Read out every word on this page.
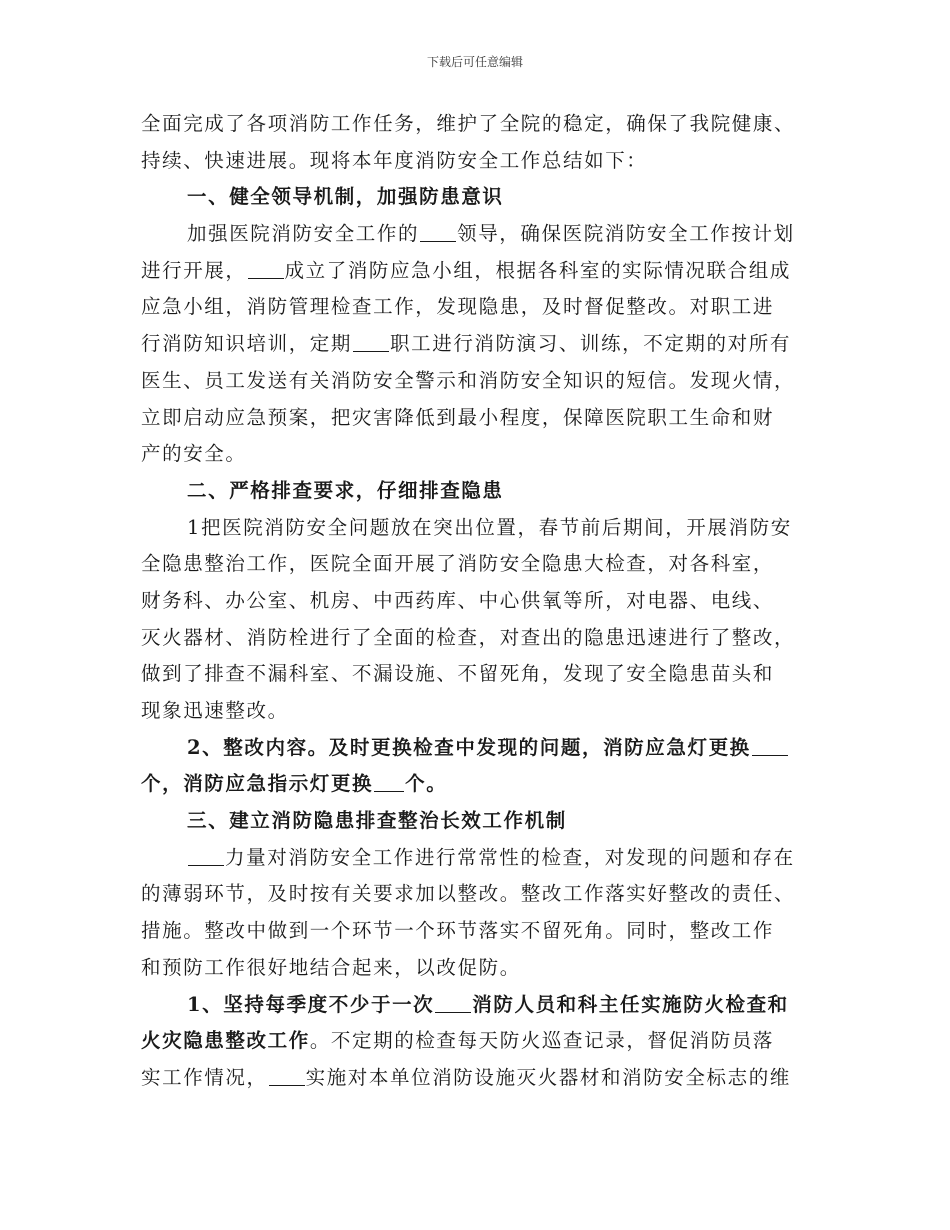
下载后可任意编辑
全面完成了各项消防工作任务，维护了全院的稳定，确保了我院健康、
持续、快速进展。现将本年度消防安全工作总结如下：
一、健全领导机制，加强防患意识
加强医院消防安全工作的 领导，确保医院消防安全工作按计划
进行开展， 成立了消防应急小组，根据各科室的实际情况联合组成
应急小组，消防管理检查工作，发现隐患，及时督促整改。对职工进
行消防知识培训，定期 职工进行消防演习、训练，不定期的对所有
医生、员工发送有关消防安全警示和消防安全知识的短信。发现火情，
立即启动应急预案，把灾害降低到最小程度，保障医院职工生命和财
产的安全。
二、严格排查要求，仔细排查隐患
1把医院消防安全问题放在突出位置，春节前后期间，开展消防安
全隐患整治工作，医院全面开展了消防安全隐患大检查，对各科室，
财务科、办公室、机房、中西药库、中心供氧等所，对电器、电线、
灭火器材、消防栓进行了全面的检查，对查出的隐患迅速进行了整改，
做到了排查不漏科室、不漏设施、不留死角，发现了安全隐患苗头和
现象迅速整改。
2、整改内容。及时更换检查中发现的问题，消防应急灯更换
个，消防应急指示灯更换 个。
三、建立消防隐患排查整治长效工作机制
力量对消防安全工作进行常常性的检查，对发现的问题和存在
的薄弱环节，及时按有关要求加以整改。整改工作落实好整改的责任、
措施。整改中做到一个环节一个环节落实不留死角。同时，整改工作
和预防工作很好地结合起来，以改促防。
1、坚持每季度不少于一次 消防人员和科主任实施防火检查和
火灾隐患整改工作。不定期的检查每天防火巡查记录，督促消防员落
实工作情况， 实施对本单位消防设施灭火器材和消防安全标志的维
